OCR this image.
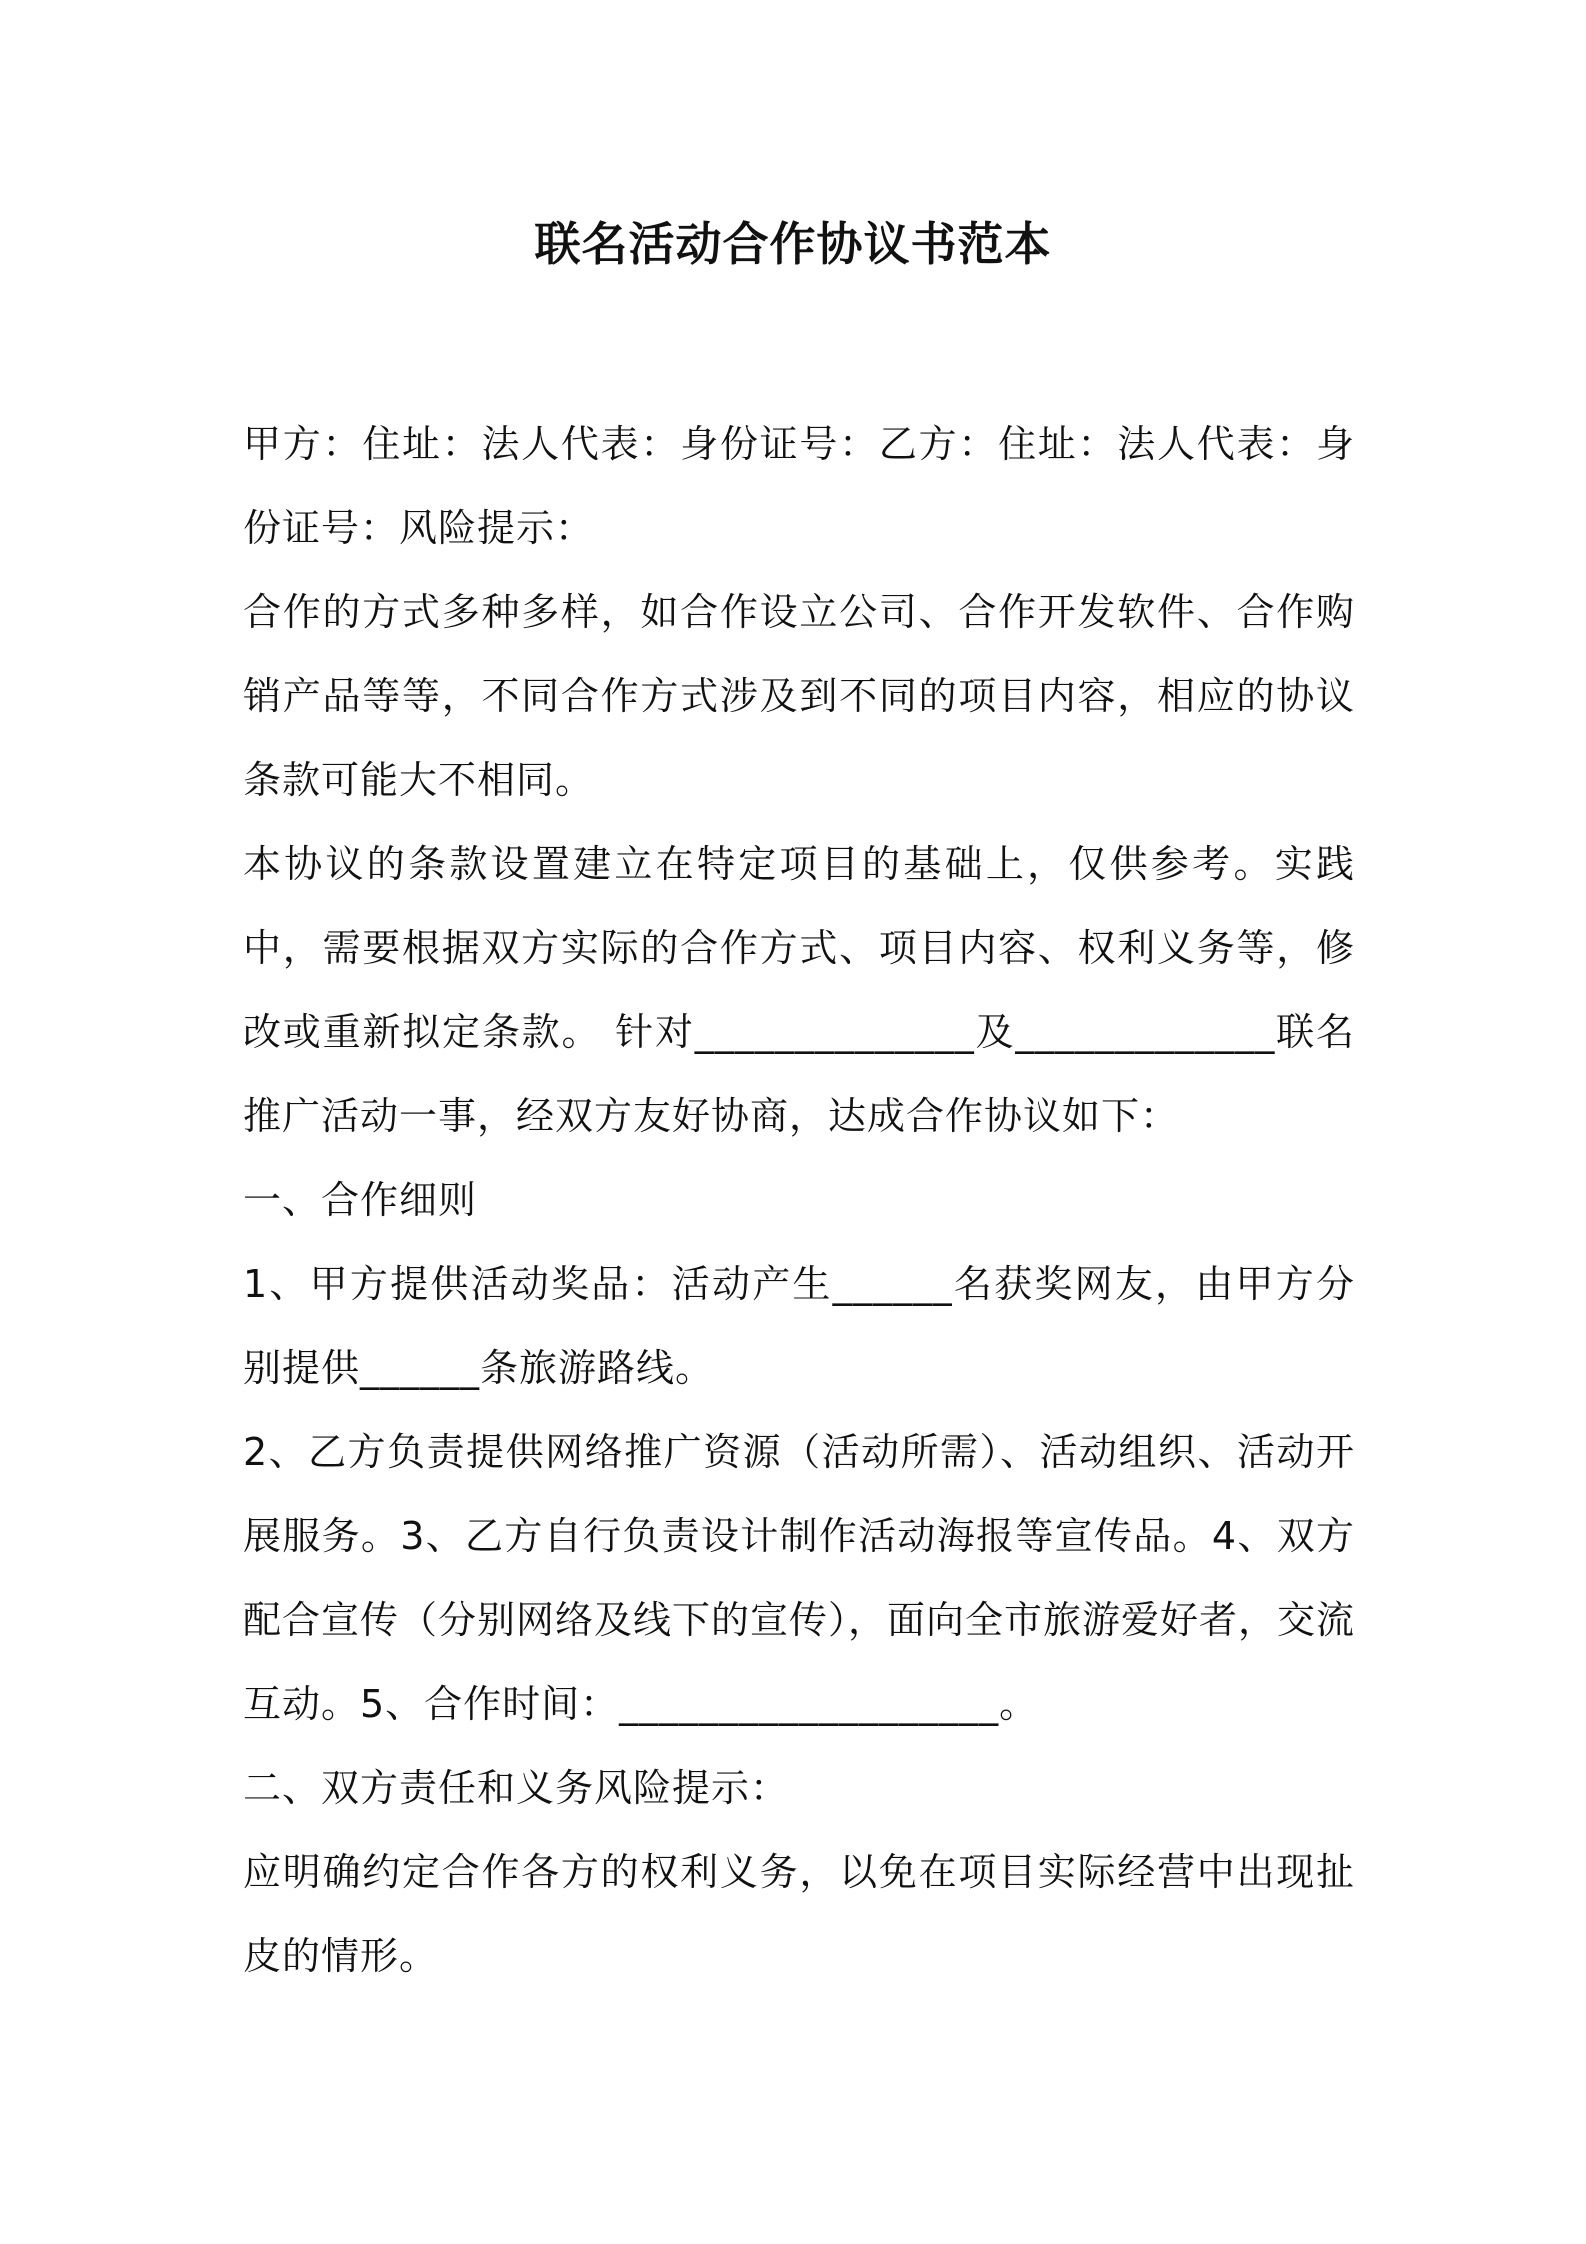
联名活动合作协议书范本

甲方：住址：法人代表：身份证号：乙方：住址：法人代表：身份证号：风险提示：

合作的方式多种多样，如合作设立公司、合作开发软件、合作购销产品等等，不同合作方式涉及到不同的项目内容，相应的协议条款可能大不相同。

本协议的条款设置建立在特定项目的基础上，仅供参考。实践中，需要根据双方实际的合作方式、项目内容、权利义务等，修改或重新拟定条款。 针对______________及_____________联名推广活动一事，经双方友好协商，达成合作协议如下：

一、合作细则

1、甲方提供活动奖品：活动产生______名获奖网友，由甲方分别提供______条旅游路线。

2、乙方负责提供网络推广资源（活动所需）、活动组织、活动开展服务。3、乙方自行负责设计制作活动海报等宣传品。4、双方配合宣传（分别网络及线下的宣传），面向全市旅游爱好者，交流互动。5、合作时间：___________________。

二、双方责任和义务风险提示：

应明确约定合作各方的权利义务，以免在项目实际经营中出现扯皮的情形。
